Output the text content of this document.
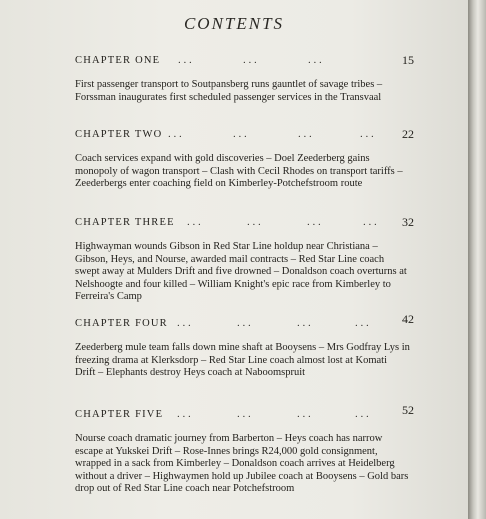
CONTENTS
CHAPTER ONE . . .	. . .	. . .	15

First passenger transport to Soutpansberg runs gauntlet of savage tribes – Forssman inaugurates first scheduled passenger services in the Transvaal

CHAPTER TWO . . .	. . .	. . .	. . . 22

Coach services expand with gold discoveries – Doel Zeederberg gains monopoly of wagon transport – Clash with Cecil Rhodes on transport tariffs – Zeederbergs enter coaching field on Kimberley-Potchefstroom route

CHAPTER THREE . . .	. . .	. . .	. . . 32

Highwayman wounds Gibson in Red Star Line holdup near Christiana – Gibson, Heys, and Nourse, awarded mail contracts – Red Star Line coach swept away at Mulders Drift and five drowned – Donaldson coach overturns at Nelshoogte and four killed – William Knight's epic race from Kimberley to Ferreira's Camp

CHAPTER FOUR . . .	. . .	. . .	. . .	42

Zeederberg mule team falls down mine shaft at Booysens – Mrs Godfray Lys in freezing drama at Klerksdorp – Red Star Line coach almost lost at Komati Drift – Elephants destroy Heys coach at Naboomspruit

CHAPTER FIVE . . .	. . .	. . .	. . .	52

Nourse coach dramatic journey from Barberton – Heys coach has narrow escape at Yukskei Drift – Rose-Innes brings R24,000 gold consignment, wrapped in a sack from Kimberley – Donaldson coach arrives at Heidelberg without a driver – Highwaymen hold up Jubilee coach at Booysens – Gold bars drop out of Red Star Line coach near Potchefstroom
